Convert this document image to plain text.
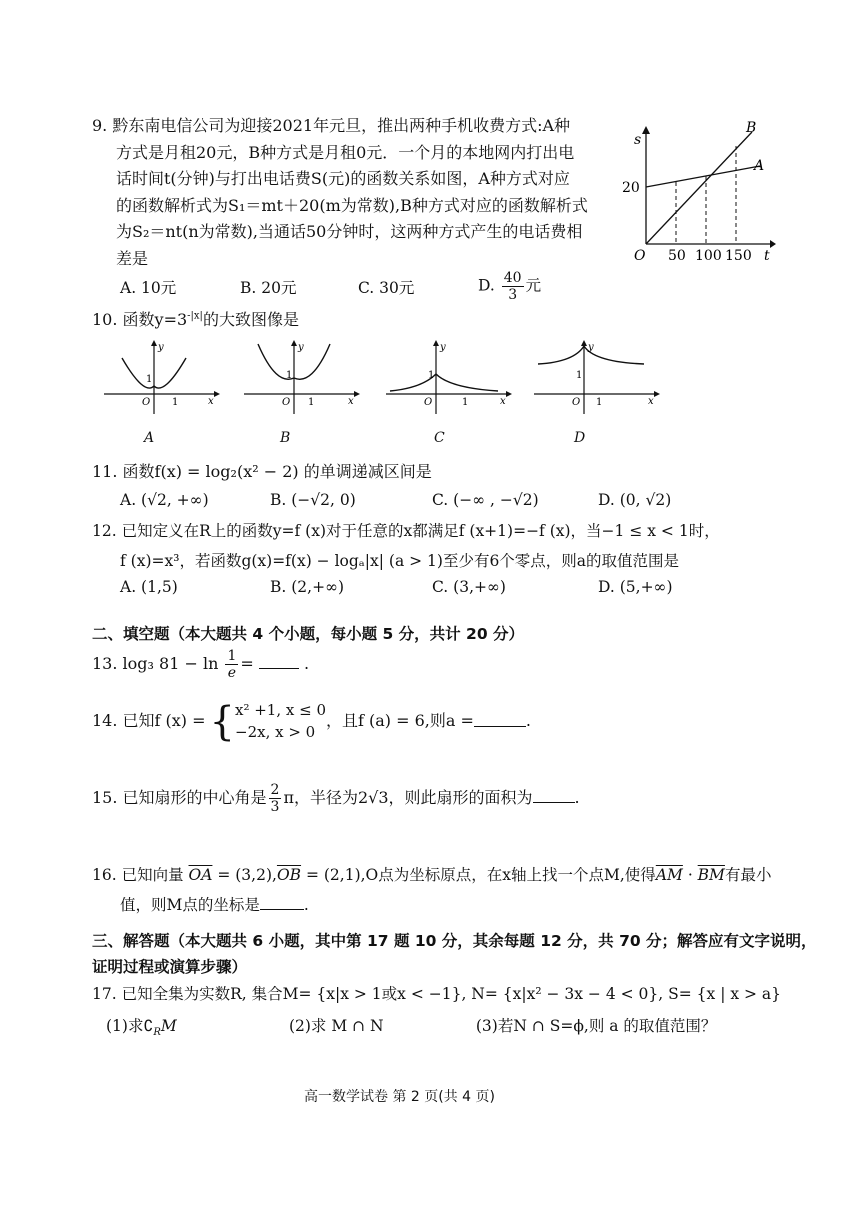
9. 黔东南电信公司为迎接2021年元旦，推出两种手机收费方式:A种
方式是月租20元，B种方式是月租0元．一个月的本地网内打出电
话时间t(分钟)与打出电话费S(元)的函数关系如图，A种方式对应
的函数解析式为S₁＝mt＋20(m为常数),B种方式对应的函数解析式
为S₂＝nt(n为常数),当通话50分钟时，这两种方式产生的电话费相
差是
s
t
O
20
50 100 150
A
B
A. 10元	B. 20元	C. 30元	D. $\frac{40}{3}$ 元
10. 函数$y=3^{-|x|}$的大致图像是
y
x
O
1
1
y
x
O
1
1
y
x
O
1
1
y
x
O
1
1
A	B	C	D
11. 函数f(x) = log₂(x² − 2) 的单调递减区间是
A. (√2, +∞)	B. (−√2, 0)	C. (−∞ , −√2)	D. (0, √2)
12. 已知定义在R上的函数y=f (x)对于任意的x都满足f (x+1)=−f (x)，当−1 ≤ x < 1时，
f (x)=x³，若函数g(x)=f(x) − logₐ|x| (a > 1)至少有6个零点，则a的取值范围是
A. (1,5)	B. (2,+∞)	C. (3,+∞)	D. (5,+∞)
二、填空题（本大题共 4 个小题，每小题 5 分，共计 20 分）
13. log₃ $81 - \ln \frac{1}{e}$ =	.
14. 已知f (x) = { x² +1, x ≤ 0
−2x, x > 0
，且f (a) = 6,则a =	.
15. 已知扇形的中心角是 $\frac{2}{3}$ π，半径为2√3，则此扇形的面积为	.
16. 已知向量 $\overline{OA} = (3,2),\overline{OB} = (2,1),O$点为坐标原点，在x轴上找一个点M,使得$\overline{AM} \cdot \overline{BM}$有最小
值，则M点的坐标是	.
三、解答题（本大题共 6 小题，其中第 17 题 10 分，其余每题 12 分，共 70 分；解答应有文字说明，
证明过程或演算步骤）
17. 已知全集为实数R, 集合M= {x|x > 1或x < −1}, N= {x|x² − 3x − 4 < 0}, S= {x | x > a}
(1)求$∁_RM$	(2)求 M ∩ N	(3)若N ∩ S=ϕ,则 a 的取值范围？
高一数学试卷 第 2 页(共 4 页)
